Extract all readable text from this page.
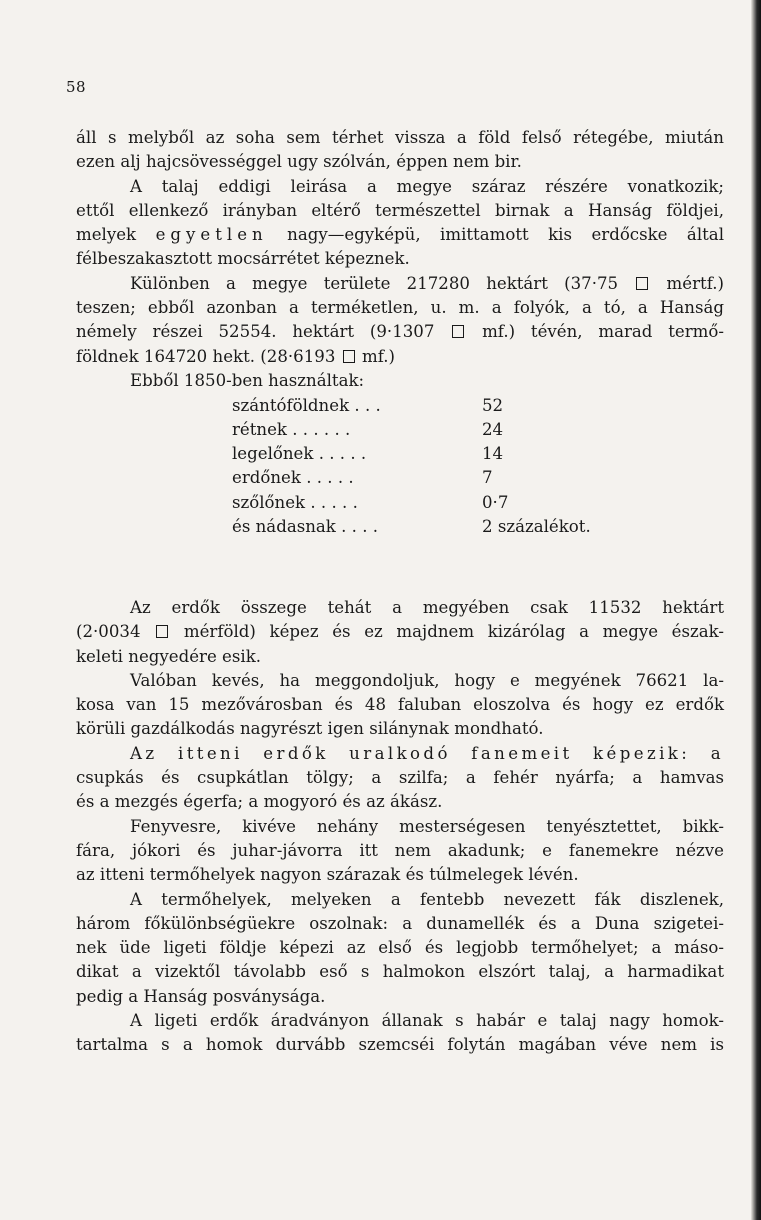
58
áll s melyből az soha sem térhet vissza a föld felső rétegébe, miután
ezen alj hajcsövességgel ugy szólván, éppen nem bir.
A talaj eddigi leirása a megye száraz részére vonatkozik;
ettől ellenkező irányban eltérő természettel birnak a Hanság földjei,
melyek egyetlen nagy—egyképü, imittamott kis erdőcske által
félbeszakasztott mocsárrétet képeznek.
Különben a megye területe 217280 hektárt (37·75	mértf.)
teszen; ebből azonban a terméketlen, u. m. a folyók, a tó, a Hanság
némely részei 52554. hektárt (9·1307	mf.) tévén, marad termő-
földnek 164720 hekt. (28·6193 mf.)
Ebből 1850-ben használtak:
szántóföldnek . . .	52
rétnek . . . . . .	24
legelőnek . . . . .	14
erdőnek . . . . .	7
szőlőnek . . . . .	0·7
és nádasnak . . . .	2 százalékot.
Az erdők összege tehát a megyében csak 11532 hektárt
(2·0034	mérföld) képez és ez majdnem kizárólag a megye észak-
keleti negyedére esik.
Valóban kevés, ha meggondoljuk, hogy e megyének 76621 la-
kosa van 15 mezővárosban és 48 faluban eloszolva és hogy ez erdők
körüli gazdálkodás nagyrészt igen silánynak mondható.
Az itteni erdők uralkodó fanemeit képezik: a
csupkás és csupkátlan tölgy; a szilfa; a fehér nyárfa; a hamvas
és a mezgés égerfa; a mogyoró és az ákász.
Fenyvesre, kivéve nehány mesterségesen tenyésztettet, bikk-
fára, jókori és juhar-jávorra itt nem akadunk; e fanemekre nézve
az itteni termőhelyek nagyon szárazak és túlmelegek lévén.
A termőhelyek, melyeken a fentebb nevezett fák diszlenek,
három főkülönbségüekre oszolnak: a dunamellék és a Duna szigetei-
nek üde ligeti földje képezi az első és legjobb termőhelyet; a máso-
dikat a vizektől távolabb eső s halmokon elszórt talaj, a harmadikat
pedig a Hanság posványsága.
A ligeti erdők áradványon állanak s habár e talaj nagy homok-
tartalma s a homok durvább szemcséi folytán magában véve nem is
